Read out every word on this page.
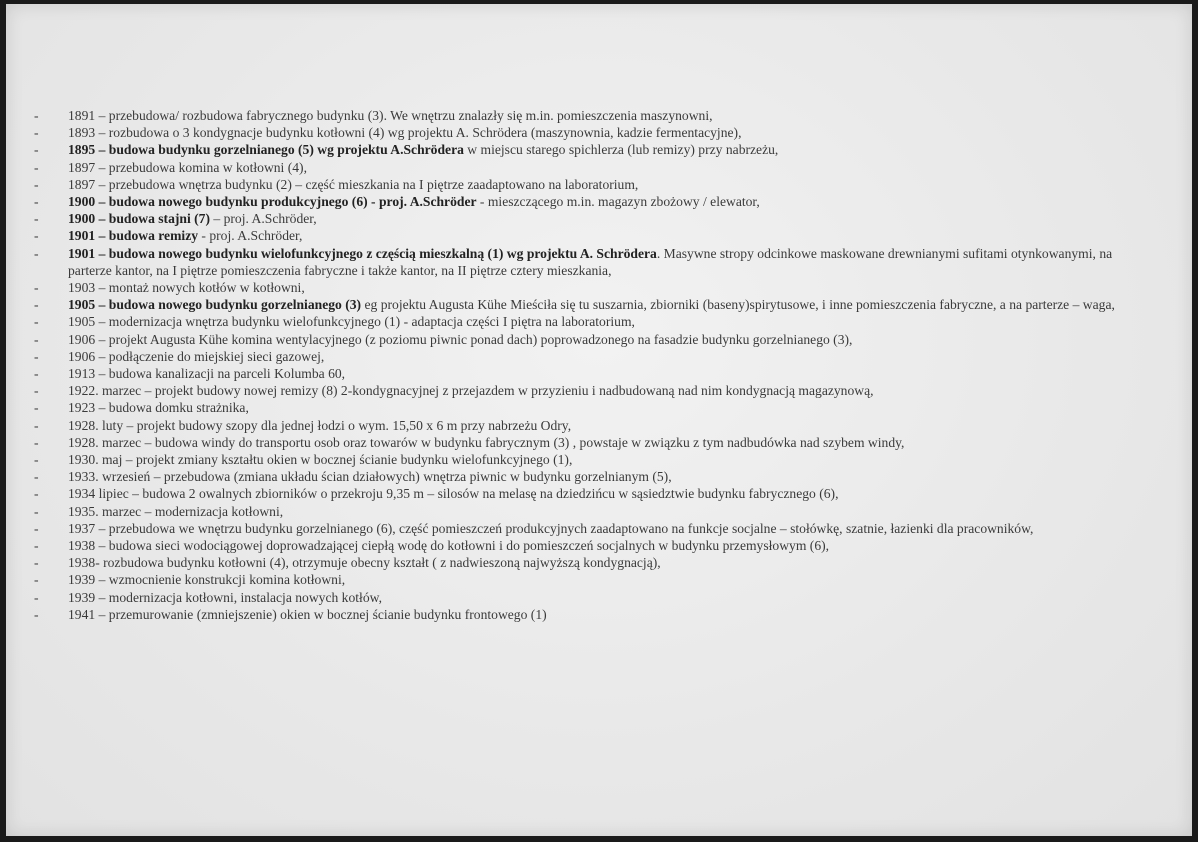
-	1891 – przebudowa/ rozbudowa fabrycznego budynku (3). We wnętrzu znalazły się m.in. pomieszczenia maszynowni,
-	1893 – rozbudowa o 3 kondygnacje budynku kotłowni (4) wg projektu A. Schrödera (maszynownia, kadzie fermentacyjne),
-	1895 – budowa budynku gorzelnianego (5) wg projektu A.Schrödera w miejscu starego spichlerza (lub remizy) przy nabrzeżu,
-	1897 – przebudowa komina w kotłowni (4),
-	1897 – przebudowa wnętrza budynku (2) – część mieszkania na I piętrze zaadaptowano na laboratorium,
-	1900 – budowa nowego budynku produkcyjnego (6) - proj. A.Schröder - mieszczącego m.in. magazyn zbożowy / elewator,
-	1900 – budowa stajni (7) – proj. A.Schröder,
-	1901 – budowa remizy - proj. A.Schröder,
-	1901 – budowa nowego budynku wielofunkcyjnego z częścią mieszkalną (1) wg projektu A. Schrödera. Masywne stropy odcinkowe maskowane drewnianymi sufitami otynkowanymi, na parterze kantor, na I piętrze pomieszczenia fabryczne i także kantor, na II piętrze cztery mieszkania,
-	1903 – montaż nowych kotłów w kotłowni,
-	1905 – budowa nowego budynku gorzelnianego (3) eg projektu Augusta Kühe Mieściła się tu suszarnia, zbiorniki (baseny)spirytusowe, i inne pomieszczenia fabryczne, a na parterze – waga,
-	1905 – modernizacja wnętrza budynku wielofunkcyjnego (1) - adaptacja części I piętra na laboratorium,
-	1906 – projekt Augusta Kühe komina wentylacyjnego (z poziomu piwnic ponad dach) poprowadzonego na fasadzie budynku gorzelnianego (3),
-	1906 – podłączenie do miejskiej sieci gazowej,
-	1913 – budowa kanalizacji na parceli Kolumba 60,
-	1922. marzec – projekt budowy nowej remizy (8) 2-kondygnacyjnej z przejazdem w przyzieniu i nadbudowaną nad nim kondygnacją magazynową,
-	1923 – budowa domku strażnika,
-	1928. luty – projekt budowy szopy dla jednej łodzi o wym. 15,50 x 6 m przy nabrzeżu Odry,
-	1928. marzec – budowa windy do transportu osob oraz towarów w budynku fabrycznym (3) , powstaje w związku z tym nadbudówka nad szybem windy,
-	1930. maj – projekt zmiany kształtu okien w bocznej ścianie budynku wielofunkcyjnego (1),
-	1933. wrzesień – przebudowa (zmiana układu ścian działowych) wnętrza piwnic w budynku gorzelnianym (5),
-	1934 lipiec – budowa 2 owalnych zbiorników o przekroju 9,35 m – silosów na melasę na dziedzińcu w sąsiedztwie budynku fabrycznego (6),
-	1935. marzec – modernizacja kotłowni,
-	1937 – przebudowa we wnętrzu budynku gorzelnianego (6), część pomieszczeń produkcyjnych zaadaptowano na funkcje socjalne – stołówkę, szatnie, łazienki dla pracowników,
-	1938 – budowa sieci wodociągowej doprowadzającej ciepłą wodę do kotłowni i do pomieszczeń socjalnych w budynku przemysłowym (6),
-	1938- rozbudowa budynku kotłowni (4), otrzymuje obecny kształt ( z nadwieszoną najwyższą kondygnacją),
-	1939 – wzmocnienie konstrukcji komina kotłowni,
-	1939 – modernizacja kotłowni, instalacja nowych kotłów,
-	1941 – przemurowanie (zmniejszenie) okien w bocznej ścianie budynku frontowego (1)
